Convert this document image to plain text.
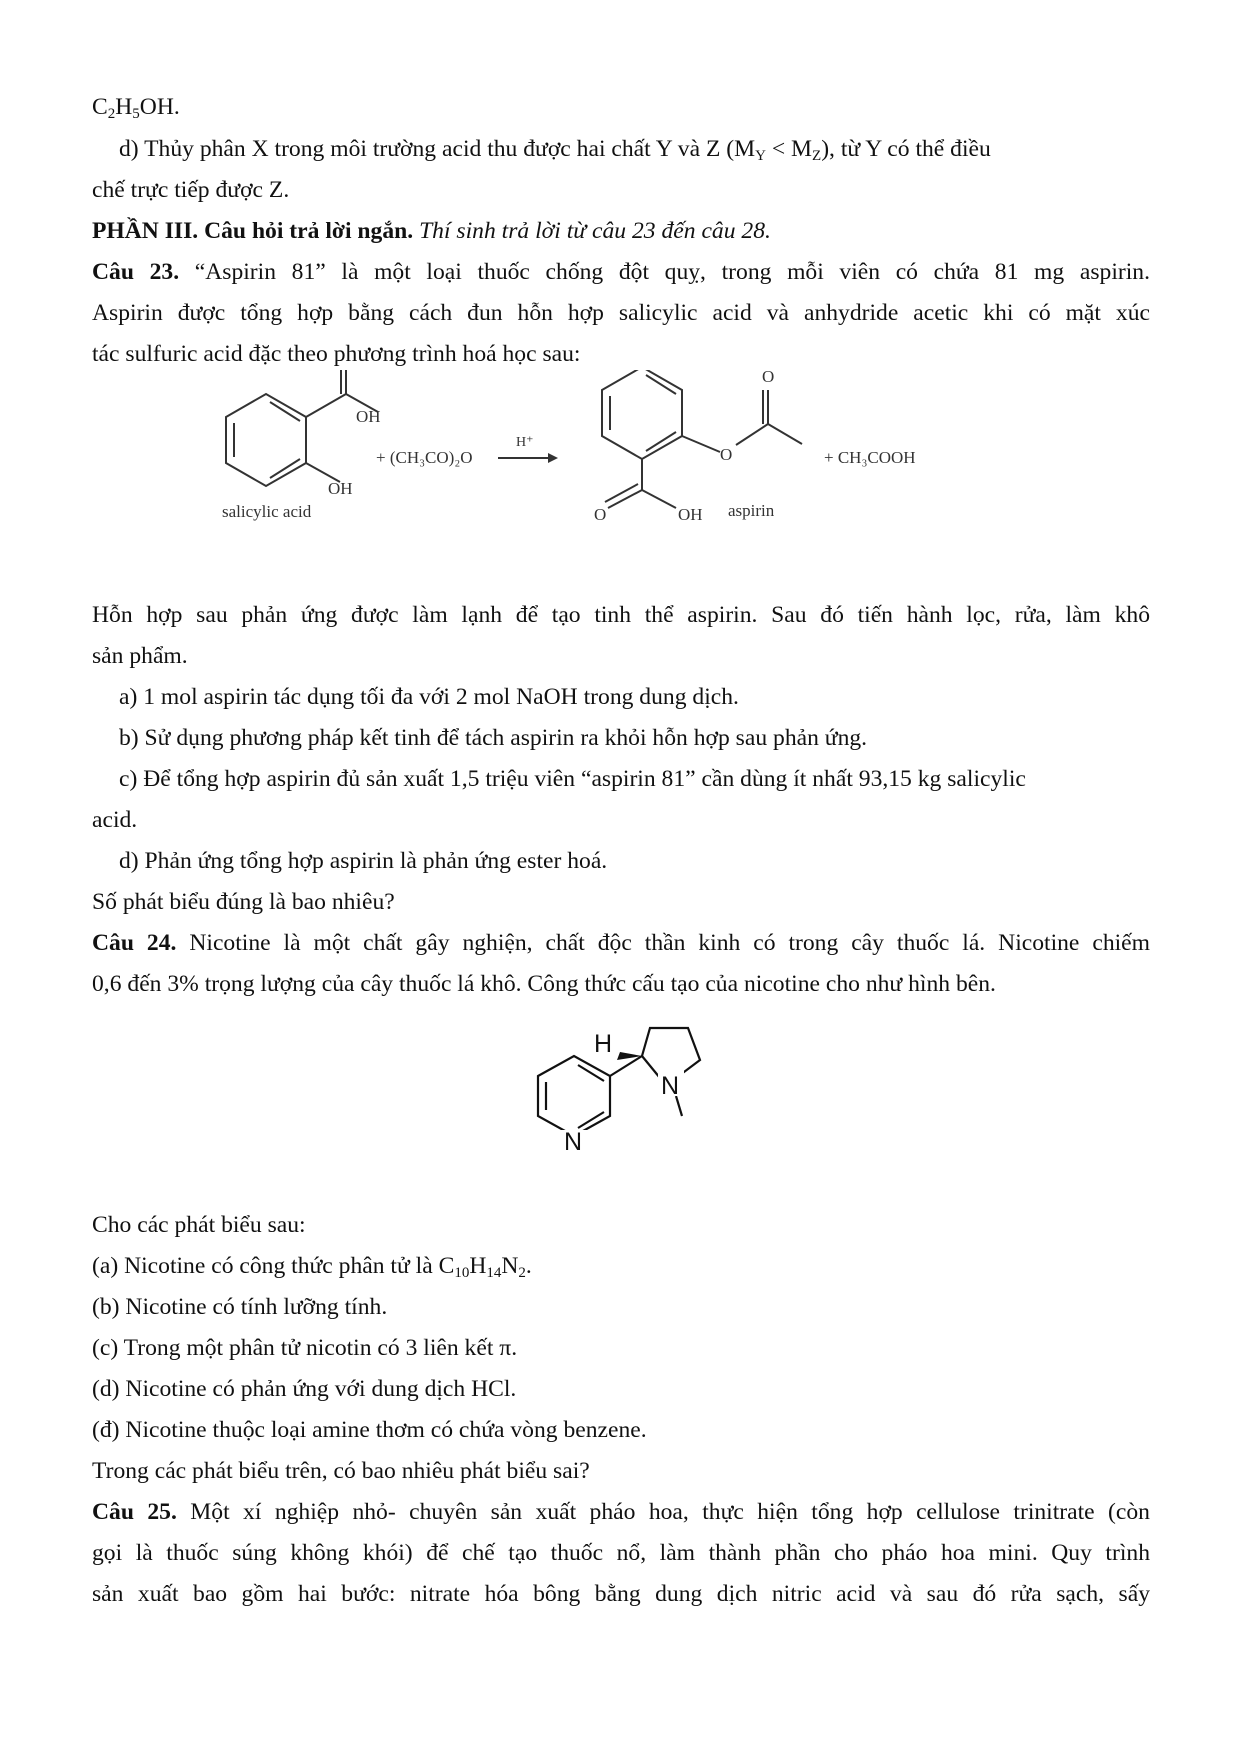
$C_2H_5OH$.
d) Thủy phân X trong môi trường acid thu được hai chất Y và Z $(M_Y < M_Z)$, từ Y có thể điều
chế trực tiếp được Z.
PHẦN III. Câu hỏi trả lời ngắn. Thí sinh trả lời từ câu 23 đến câu 28.
Câu 23. “Aspirin 81” là một loại thuốc chống đột quỵ, trong mỗi viên có chứa 81 mg aspirin.
Aspirin được tổng hợp bằng cách đun hỗn hợp salicylic acid và anhydride acetic khi có mặt xúc
tác sulfuric acid đặc theo phương trình hoá học sau:
OH
OH
salicylic acid
+ (CH₃CO)₂O
H⁺
O
O
O	OH aspirin
+ CH₃COOH
Hỗn hợp sau phản ứng được làm lạnh để tạo tinh thể aspirin. Sau đó tiến hành lọc, rửa, làm khô
sản phẩm.
a) 1 mol aspirin tác dụng tối đa với 2 mol NaOH trong dung dịch.
b) Sử dụng phương pháp kết tinh để tách aspirin ra khỏi hỗn hợp sau phản ứng.
c) Để tổng hợp aspirin đủ sản xuất 1,5 triệu viên “aspirin 81” cần dùng ít nhất 93,15 kg salicylic
acid.
d) Phản ứng tổng hợp aspirin là phản ứng ester hoá.
Số phát biểu đúng là bao nhiêu?
Câu 24. Nicotine là một chất gây nghiện, chất độc thần kinh có trong cây thuốc lá. Nicotine chiếm
0,6 đến 3% trọng lượng của cây thuốc lá khô. Công thức cấu tạo của nicotine cho như hình bên.
H
N
N
Cho các phát biểu sau:
(a) Nicotine có công thức phân tử là $C_{10}H_{14}N_2$.
(b) Nicotine có tính lưỡng tính.
(c) Trong một phân tử nicotin có 3 liên kết π.
(d) Nicotine có phản ứng với dung dịch HCl.
(đ) Nicotine thuộc loại amine thơm có chứa vòng benzene.
Trong các phát biểu trên, có bao nhiêu phát biểu sai?
Câu 25. Một xí nghiệp nhỏ- chuyên sản xuất pháo hoa, thực hiện tổng hợp cellulose trinitrate (còn
gọi là thuốc súng không khói) để chế tạo thuốc nổ, làm thành phần cho pháo hoa mini. Quy trình
sản xuất bao gồm hai bước: nitrate hóa bông bằng dung dịch nitric acid và sau đó rửa sạch, sấy
